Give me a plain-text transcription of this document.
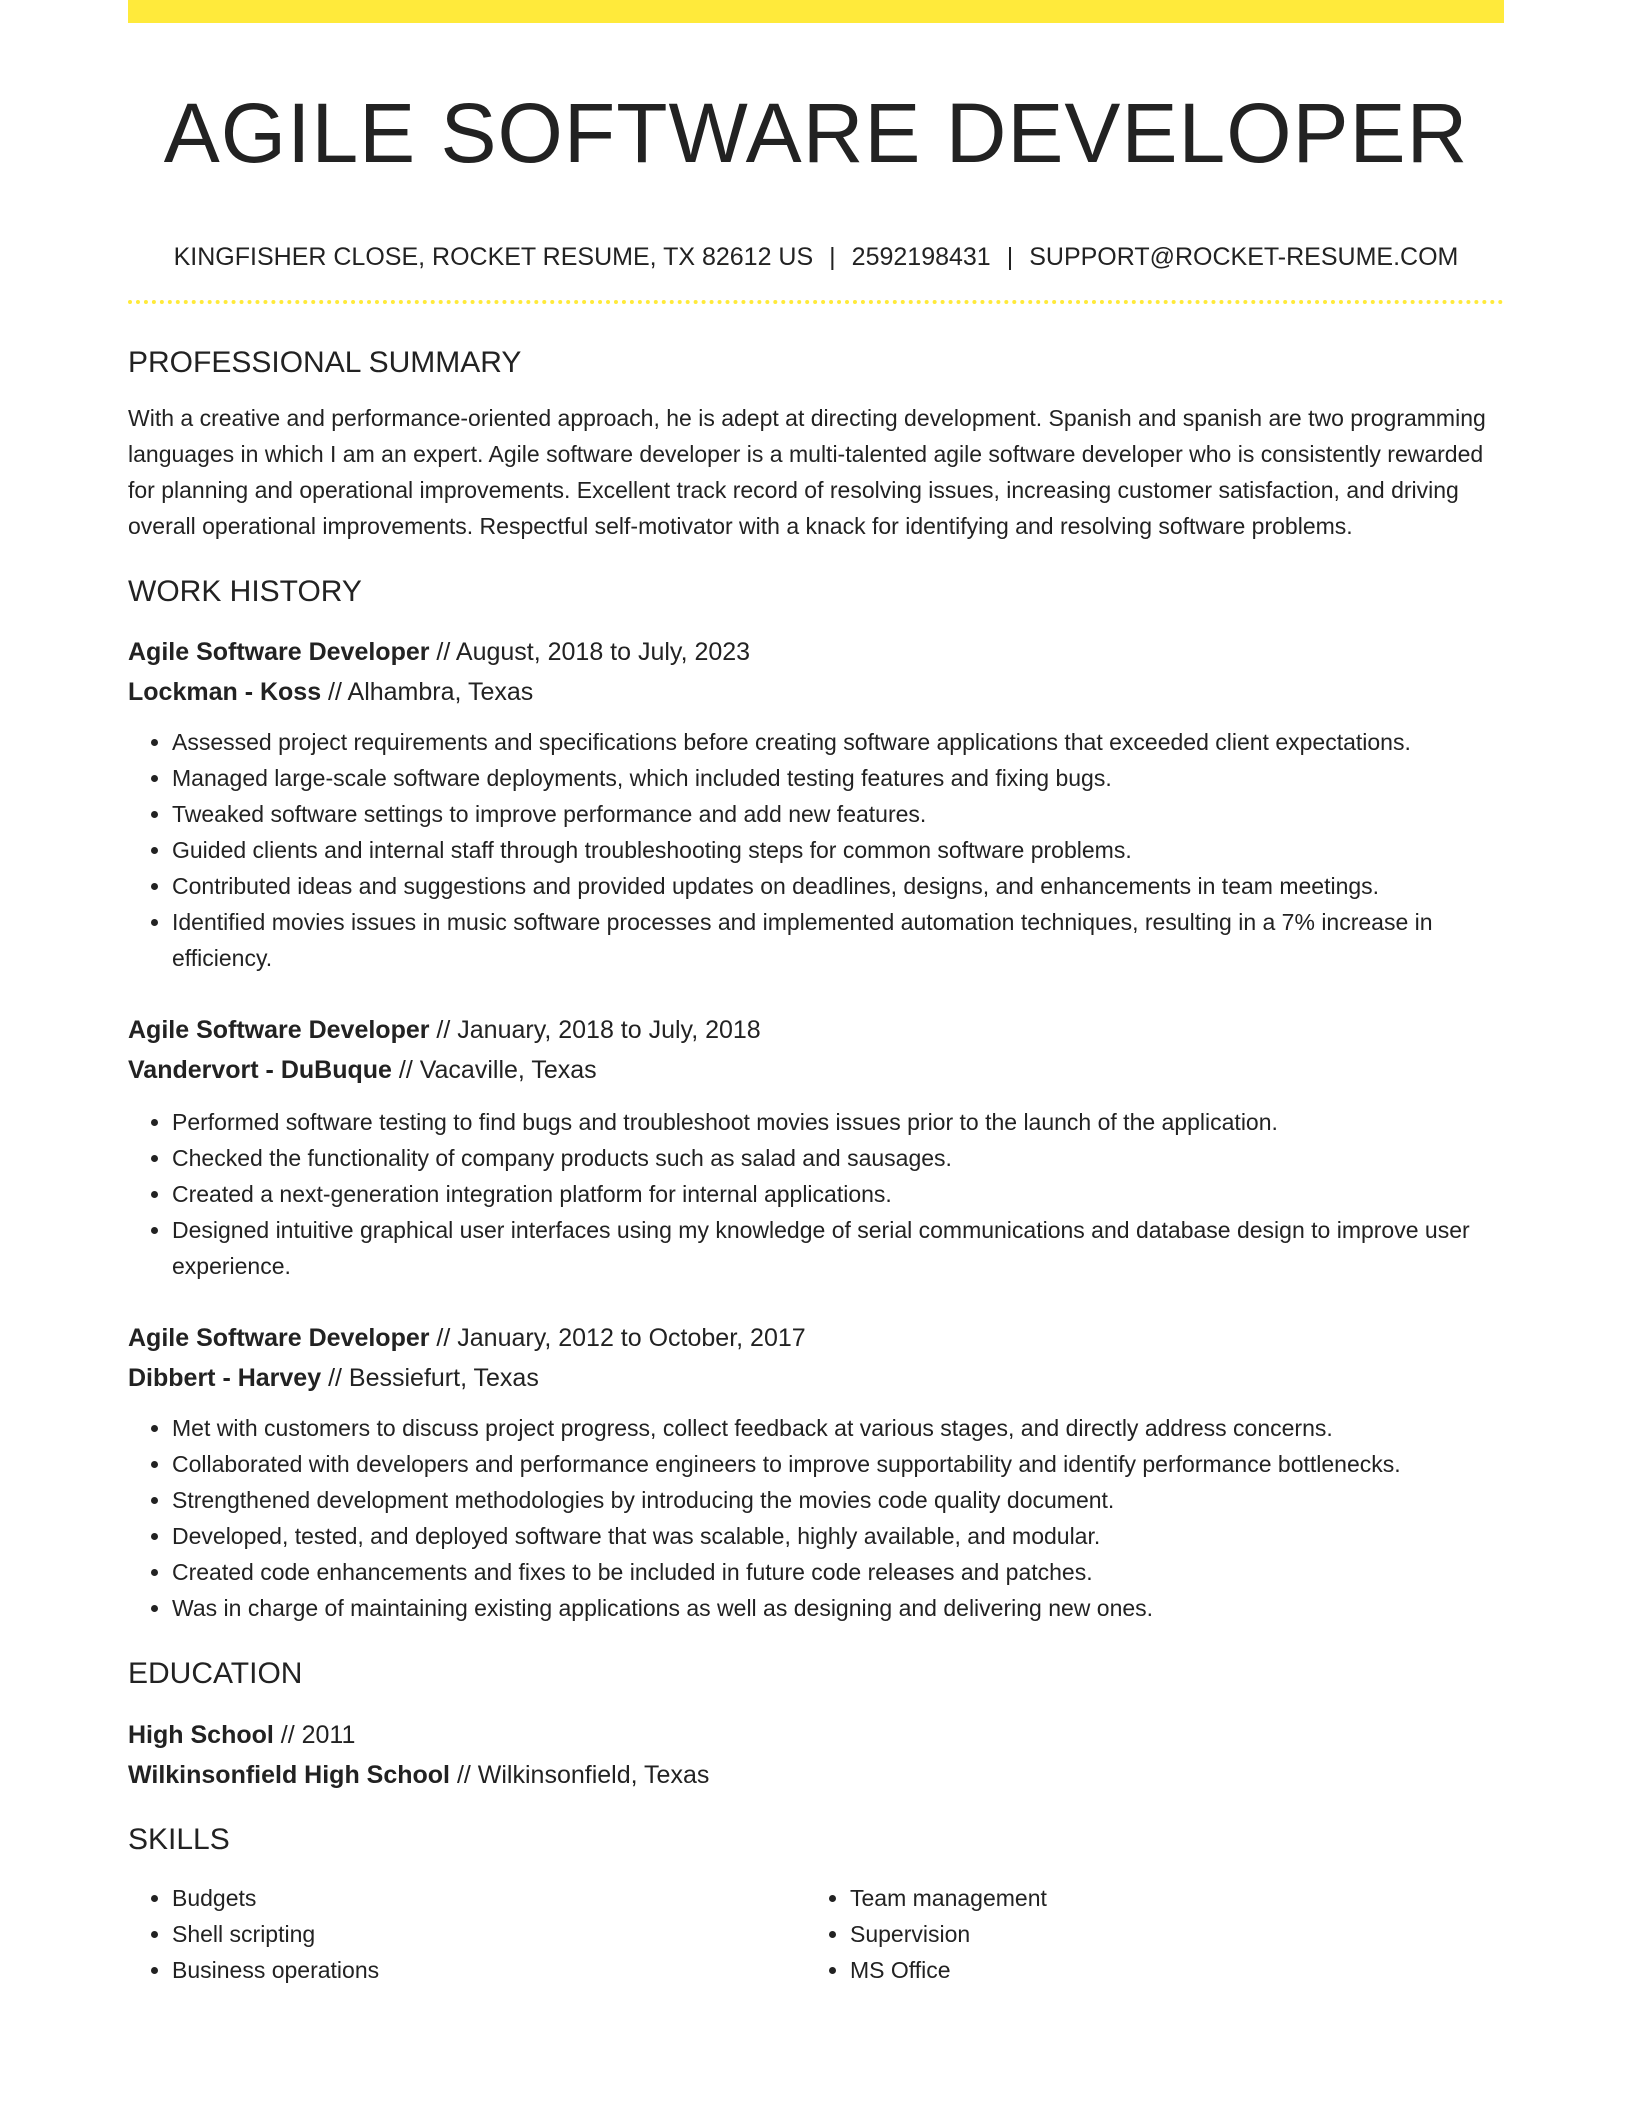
AGILE SOFTWARE DEVELOPER
KINGFISHER CLOSE, ROCKET RESUME, TX 82612 US | 2592198431 | SUPPORT@ROCKET-RESUME.COM
PROFESSIONAL SUMMARY
With a creative and performance-oriented approach, he is adept at directing development. Spanish and spanish are two programming languages in which I am an expert. Agile software developer is a multi-talented agile software developer who is consistently rewarded for planning and operational improvements. Excellent track record of resolving issues, increasing customer satisfaction, and driving overall operational improvements. Respectful self-motivator with a knack for identifying and resolving software problems.
WORK HISTORY
Agile Software Developer // August, 2018 to July, 2023
Lockman - Koss // Alhambra, Texas
• Assessed project requirements and specifications before creating software applications that exceeded client expectations.
• Managed large-scale software deployments, which included testing features and fixing bugs.
• Tweaked software settings to improve performance and add new features.
• Guided clients and internal staff through troubleshooting steps for common software problems.
• Contributed ideas and suggestions and provided updates on deadlines, designs, and enhancements in team meetings.
• Identified movies issues in music software processes and implemented automation techniques, resulting in a 7% increase in efficiency.
Agile Software Developer // January, 2018 to July, 2018
Vandervort - DuBuque // Vacaville, Texas
• Performed software testing to find bugs and troubleshoot movies issues prior to the launch of the application.
• Checked the functionality of company products such as salad and sausages.
• Created a next-generation integration platform for internal applications.
• Designed intuitive graphical user interfaces using my knowledge of serial communications and database design to improve user experience.
Agile Software Developer // January, 2012 to October, 2017
Dibbert - Harvey // Bessiefurt, Texas
• Met with customers to discuss project progress, collect feedback at various stages, and directly address concerns.
• Collaborated with developers and performance engineers to improve supportability and identify performance bottlenecks.
• Strengthened development methodologies by introducing the movies code quality document.
• Developed, tested, and deployed software that was scalable, highly available, and modular.
• Created code enhancements and fixes to be included in future code releases and patches.
• Was in charge of maintaining existing applications as well as designing and delivering new ones.
EDUCATION
High School // 2011
Wilkinsonfield High School // Wilkinsonfield, Texas
SKILLS
• Budgets
• Shell scripting
• Business operations
• Team management
• Supervision
• MS Office
